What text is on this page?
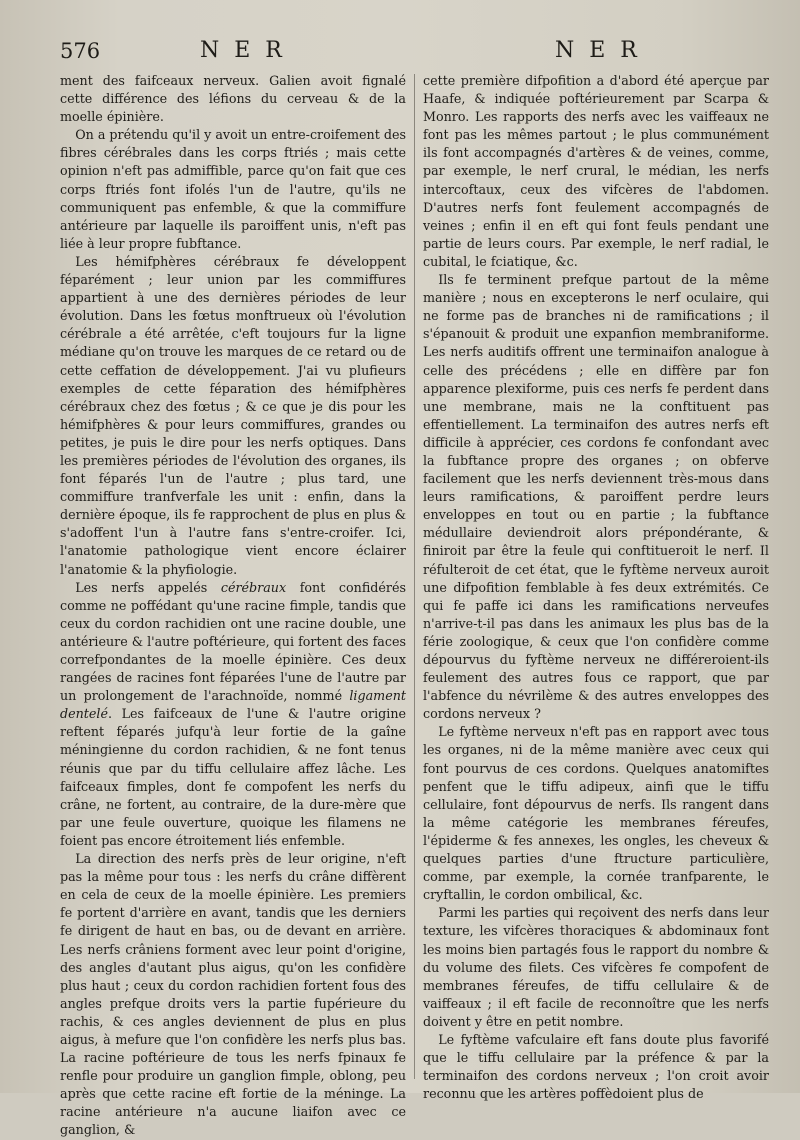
576	N E R	N E R

ment des faifceaux nerveux. Galien avoit fignalé cette différence des léfions du cerveau & de la moelle épinière.

On a prétendu qu'il y avoit un entre-croifement des fibres cérébrales dans les corps ftriés ; mais cette opinion n'eft pas admiffible, parce qu'on fait que ces corps ftriés font ifolés l'un de l'autre, qu'ils ne communiquent pas enfemble, & que la commiffure antérieure par laquelle ils paroiffent unis, n'eft pas liée à leur propre fubftance.

Les hémifphères cérébraux fe développent féparément ; leur union par les commiffures appartient à une des dernières périodes de leur évolution. Dans les fœtus monftrueux où l'évolution cérébrale a été arrêtée, c'eft toujours fur la ligne médiane qu'on trouve les marques de ce retard ou de cette ceffation de développement. J'ai vu plufieurs exemples de cette féparation des hémifphères cérébraux chez des fœtus ; & ce que je dis pour les hémifphères & pour leurs commiffures, grandes ou petites, je puis le dire pour les nerfs optiques. Dans les premières périodes de l'évolution des organes, ils font féparés l'un de l'autre ; plus tard, une commiffure tranfverfale les unit : enfin, dans la dernière époque, ils fe rapprochent de plus en plus & s'adoffent l'un à l'autre fans s'entre-croifer. Ici, l'anatomie pathologique vient encore éclairer l'anatomie & la phyfiologie.

Les nerfs appelés cérébraux font confidérés comme ne poffédant qu'une racine fimple, tandis que ceux du cordon rachidien ont une racine double, une antérieure & l'autre poftérieure, qui fortent des faces correfpondantes de la moelle épinière. Ces deux rangées de racines font féparées l'une de l'autre par un prolongement de l'arachnoïde, nommé ligament dentelé. Les faifceaux de l'une & l'autre origine reftent féparés jufqu'à leur fortie de la gaîne méningienne du cordon rachidien, & ne font tenus réunis que par du tiffu cellulaire affez lâche. Les faifceaux fimples, dont fe compofent les nerfs du crâne, ne fortent, au contraire, de la dure-mère que par une feule ouverture, quoique les filamens ne foient pas encore étroitement liés enfemble.

La direction des nerfs près de leur origine, n'eft pas la même pour tous : les nerfs du crâne diffèrent en cela de ceux de la moelle épinière. Les premiers fe portent d'arrière en avant, tandis que les derniers fe dirigent de haut en bas, ou de devant en arrière. Les nerfs crâniens forment avec leur point d'origine, des angles d'autant plus aigus, qu'on les confidère plus haut ; ceux du cordon rachidien fortent fous des angles prefque droits vers la partie fupérieure du rachis, & ces angles deviennent de plus en plus aigus, à mefure que l'on confidère les nerfs plus bas. La racine poftérieure de tous les nerfs fpinaux fe renfle pour produire un ganglion fimple, oblong, peu après que cette racine eft fortie de la méninge. La racine antérieure n'a aucune liaifon avec ce ganglion, &

cette première difpofition a d'abord été aperçue par Haafe, & indiquée poftérieurement par Scarpa & Monro. Les rapports des nerfs avec les vaiffeaux ne font pas les mêmes partout ; le plus communément ils font accompagnés d'artères & de veines, comme, par exemple, le nerf crural, le médian, les nerfs intercoftaux, ceux des vifcères de l'abdomen. D'autres nerfs font feulement accompagnés de veines ; enfin il en eft qui font feuls pendant une partie de leurs cours. Par exemple, le nerf radial, le cubital, le fciatique, &c.

Ils fe terminent prefque partout de la même manière ; nous en excepterons le nerf oculaire, qui ne forme pas de branches ni de ramifications ; il s'épanouit & produit une expanfion membraniforme. Les nerfs auditifs offrent une terminaifon analogue à celle des précédens ; elle en diffère par fon apparence plexiforme, puis ces nerfs fe perdent dans une membrane, mais ne la conftituent pas effentiellement. La terminaifon des autres nerfs eft difficile à apprécier, ces cordons fe confondant avec la fubftance propre des organes ; on obferve facilement que les nerfs deviennent très-mous dans leurs ramifications, & paroiffent perdre leurs enveloppes en tout ou en partie ; la fubftance médullaire deviendroit alors prépondérante, & finiroit par être la feule qui conftitueroit le nerf. Il réfulteroit de cet état, que le fyftème nerveux auroit une difpofition femblable à fes deux extrémités. Ce qui fe paffe ici dans les ramifications nerveufes n'arrive-t-il pas dans les animaux les plus bas de la férie zoologique, & ceux que l'on confidère comme dépourvus du fyftème nerveux ne différeroient-ils feulement des autres fous ce rapport, que par l'abfence du névrilème & des autres enveloppes des cordons nerveux ?

Le fyftème nerveux n'eft pas en rapport avec tous les organes, ni de la même manière avec ceux qui font pourvus de ces cordons. Quelques anatomiftes penfent que le tiffu adipeux, ainfi que le tiffu cellulaire, font dépourvus de nerfs. Ils rangent dans la même catégorie les membranes féreufes, l'épiderme & fes annexes, les ongles, les cheveux & quelques parties d'une ftructure particulière, comme, par exemple, la cornée tranfparente, le cryftallin, le cordon ombilical, &c.

Parmi les parties qui reçoivent des nerfs dans leur texture, les vifcères thoraciques & abdominaux font les moins bien partagés fous le rapport du nombre & du volume des filets. Ces vifcères fe compofent de membranes féreufes, de tiffu cellulaire & de vaiffeaux ; il eft facile de reconnoître que les nerfs doivent y être en petit nombre.

Le fyftème vafculaire eft fans doute plus favorifé que le tiffu cellulaire par la préfence & par la terminaifon des cordons nerveux ; l'on croit avoir reconnu que les artères poffèdoient plus de
